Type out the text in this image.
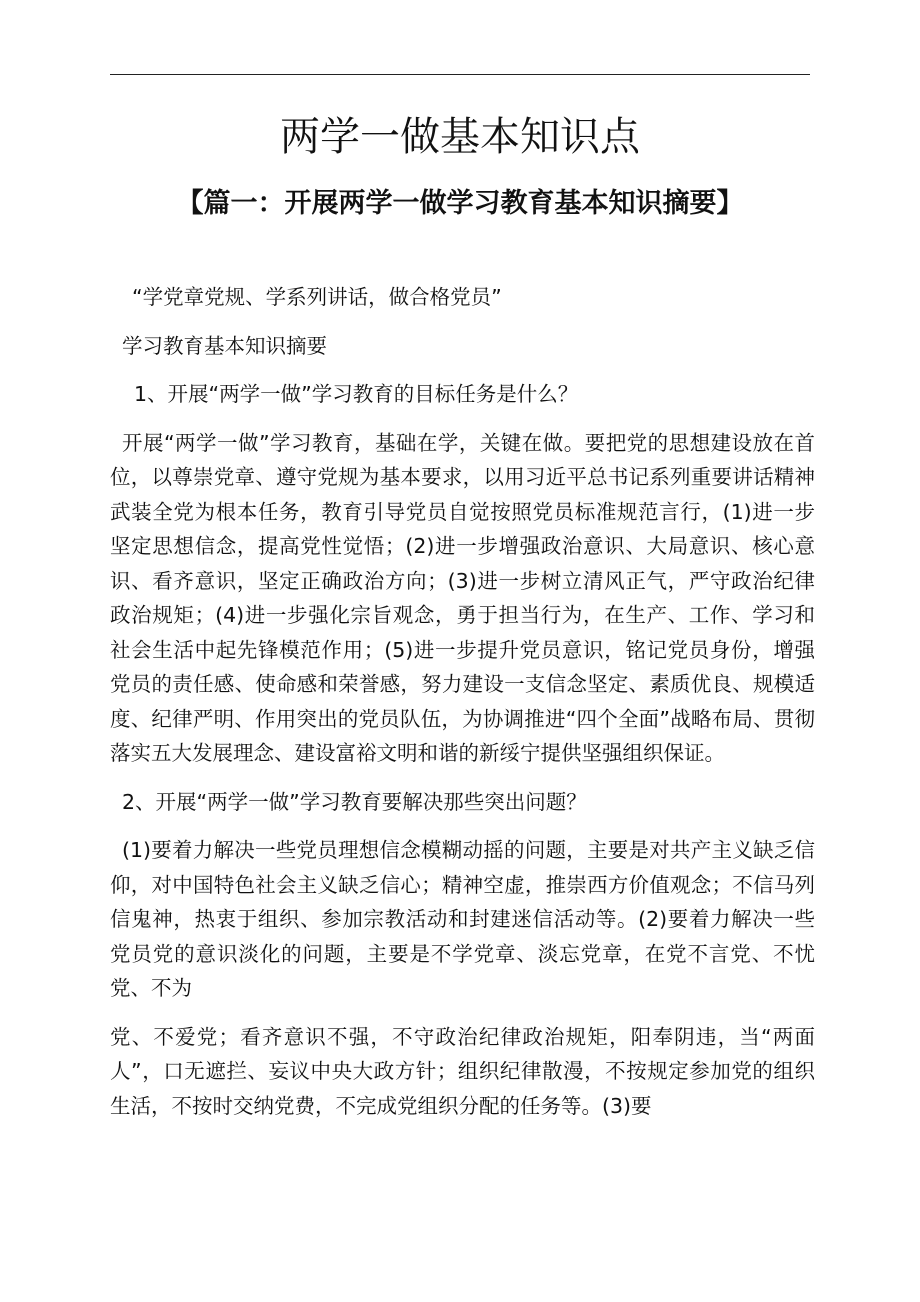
两学一做基本知识点
【篇一：开展两学一做学习教育基本知识摘要】

“学党章党规、学系列讲话，做合格党员”

学习教育基本知识摘要

1、开展“两学一做”学习教育的目标任务是什么？

开展“两学一做”学习教育，基础在学，关键在做。要把党的思想建设放在首位，以尊崇党章、遵守党规为基本要求，以用习近平总书记系列重要讲话精神武装全党为根本任务，教育引导党员自觉按照党员标准规范言行，(1)进一步坚定思想信念，提高党性觉悟；(2)进一步增强政治意识、大局意识、核心意识、看齐意识，坚定正确政治方向；(3)进一步树立清风正气，严守政治纪律政治规矩；(4)进一步强化宗旨观念，勇于担当行为，在生产、工作、学习和社会生活中起先锋模范作用；(5)进一步提升党员意识，铭记党员身份，增强党员的责任感、使命感和荣誉感，努力建设一支信念坚定、素质优良、规模适度、纪律严明、作用突出的党员队伍，为协调推进“四个全面”战略布局、贯彻落实五大发展理念、建设富裕文明和谐的新绥宁提供坚强组织保证。

2、开展“两学一做”学习教育要解决那些突出问题？

(1)要着力解决一些党员理想信念模糊动摇的问题，主要是对共产主义缺乏信仰，对中国特色社会主义缺乏信心；精神空虚，推崇西方价值观念；不信马列信鬼神，热衷于组织、参加宗教活动和封建迷信活动等。(2)要着力解决一些党员党的意识淡化的问题，主要是不学党章、淡忘党章，在党不言党、不忧党、不为

党、不爱党；看齐意识不强，不守政治纪律政治规矩，阳奉阴违，当“两面人”，口无遮拦、妄议中央大政方针；组织纪律散漫，不按规定参加党的组织生活，不按时交纳党费，不完成党组织分配的任务等。(3)要
